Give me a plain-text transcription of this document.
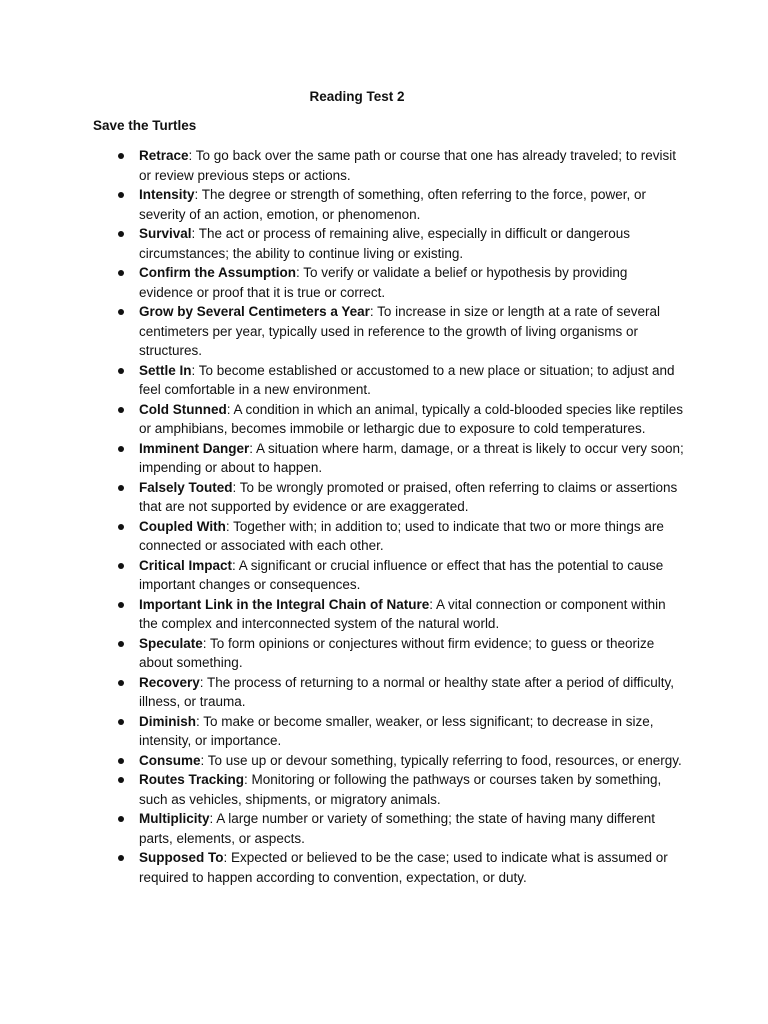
Reading Test 2
Save the Turtles
Retrace: To go back over the same path or course that one has already traveled; to revisit or review previous steps or actions.
Intensity: The degree or strength of something, often referring to the force, power, or severity of an action, emotion, or phenomenon.
Survival: The act or process of remaining alive, especially in difficult or dangerous circumstances; the ability to continue living or existing.
Confirm the Assumption: To verify or validate a belief or hypothesis by providing evidence or proof that it is true or correct.
Grow by Several Centimeters a Year: To increase in size or length at a rate of several centimeters per year, typically used in reference to the growth of living organisms or structures.
Settle In: To become established or accustomed to a new place or situation; to adjust and feel comfortable in a new environment.
Cold Stunned: A condition in which an animal, typically a cold-blooded species like reptiles or amphibians, becomes immobile or lethargic due to exposure to cold temperatures.
Imminent Danger: A situation where harm, damage, or a threat is likely to occur very soon; impending or about to happen.
Falsely Touted: To be wrongly promoted or praised, often referring to claims or assertions that are not supported by evidence or are exaggerated.
Coupled With: Together with; in addition to; used to indicate that two or more things are connected or associated with each other.
Critical Impact: A significant or crucial influence or effect that has the potential to cause important changes or consequences.
Important Link in the Integral Chain of Nature: A vital connection or component within the complex and interconnected system of the natural world.
Speculate: To form opinions or conjectures without firm evidence; to guess or theorize about something.
Recovery: The process of returning to a normal or healthy state after a period of difficulty, illness, or trauma.
Diminish: To make or become smaller, weaker, or less significant; to decrease in size, intensity, or importance.
Consume: To use up or devour something, typically referring to food, resources, or energy.
Routes Tracking: Monitoring or following the pathways or courses taken by something, such as vehicles, shipments, or migratory animals.
Multiplicity: A large number or variety of something; the state of having many different parts, elements, or aspects.
Supposed To: Expected or believed to be the case; used to indicate what is assumed or required to happen according to convention, expectation, or duty.
